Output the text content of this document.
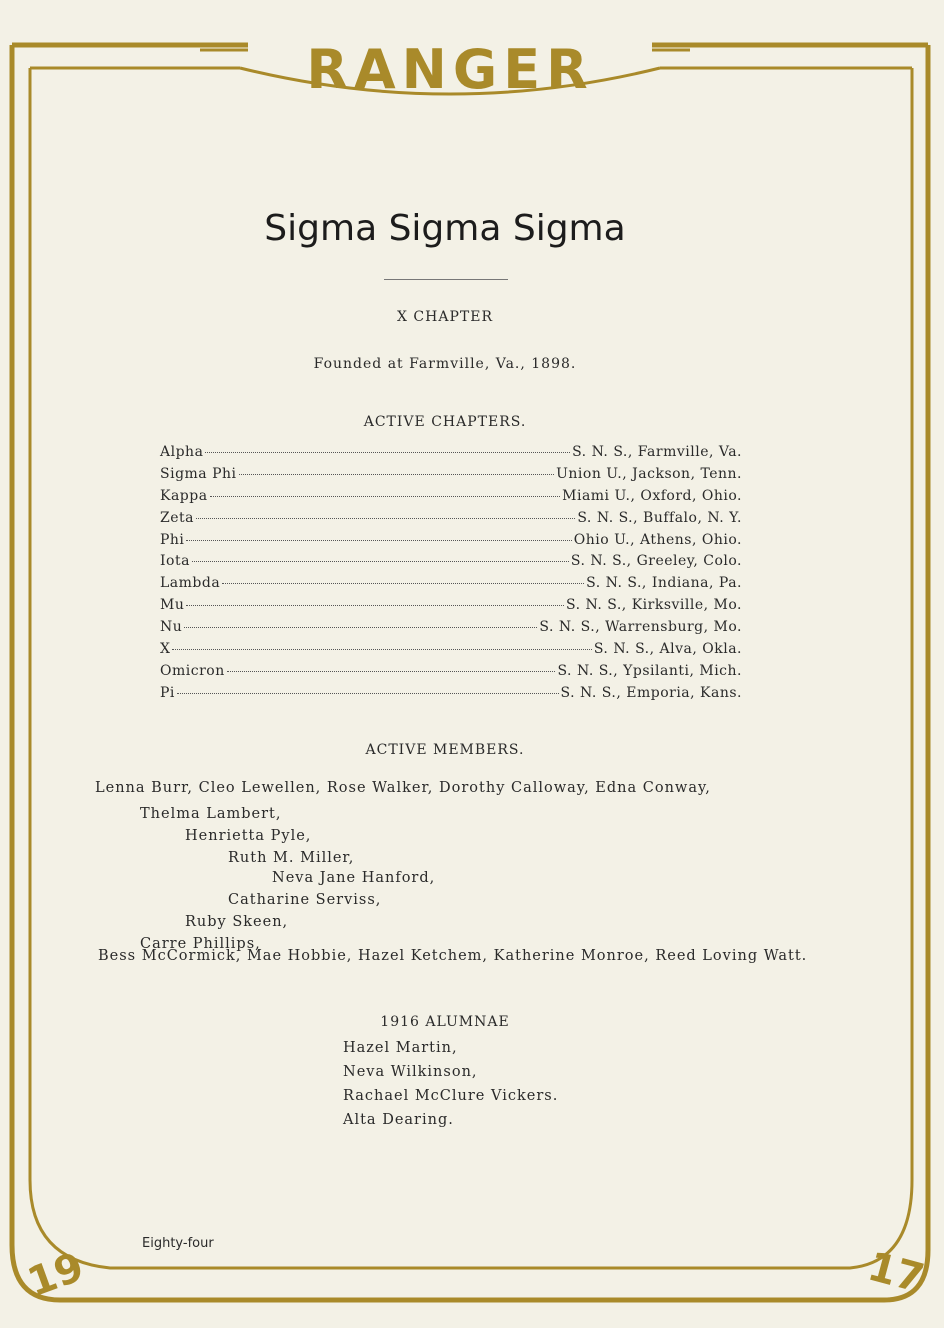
RANGER
19	17
Sigma Sigma Sigma
X CHAPTER
Founded at Farmville, Va., 1898.
ACTIVE CHAPTERS.
Alpha	S. N. S., Farmville, Va.
Sigma Phi	Union U., Jackson, Tenn.
Kappa	Miami U., Oxford, Ohio.
Zeta	S. N. S., Buffalo, N. Y.
Phi	Ohio U., Athens, Ohio.
Iota	S. N. S., Greeley, Colo.
Lambda	S. N. S., Indiana, Pa.
Mu	S. N. S., Kirksville, Mo.
Nu	S. N. S., Warrensburg, Mo.
X	S. N. S., Alva, Okla.
Omicron	S. N. S., Ypsilanti, Mich.
Pi	S. N. S., Emporia, Kans.
ACTIVE MEMBERS.
Lenna Burr, Cleo Lewellen, Rose Walker, Dorothy Calloway, Edna Conway,
Thelma Lambert,
Henrietta Pyle,
Ruth M. Miller,
Neva Jane Hanford,
Catharine Serviss,
Ruby Skeen,
Carre Phillips,
Bess McCormick, Mae Hobbie, Hazel Ketchem, Katherine Monroe, Reed Loving Watt.
1916 ALUMNAE
Hazel Martin,
Neva Wilkinson,
Rachael McClure Vickers.
Alta Dearing.
Eighty-four
